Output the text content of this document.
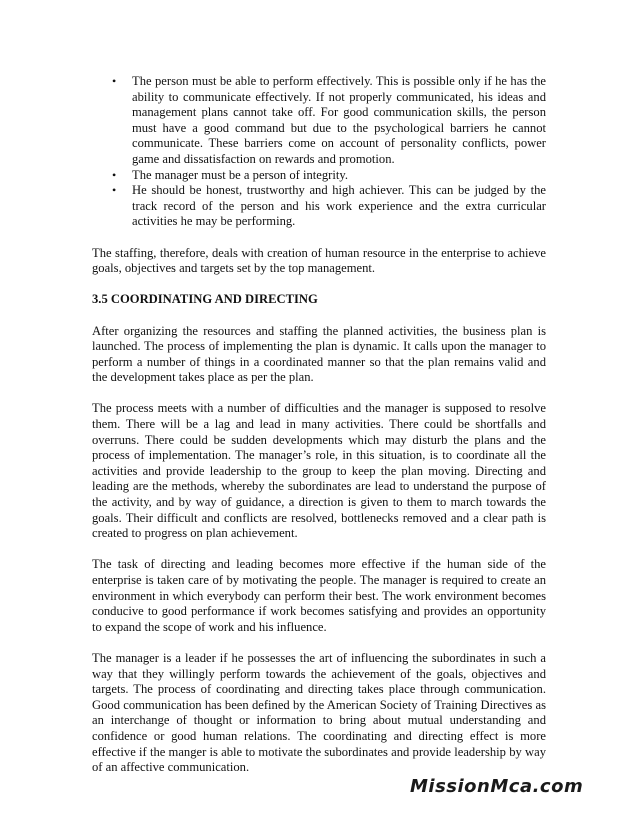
• The person must be able to perform effectively. This is possible only if he has the ability to communicate effectively. If not properly communicated, his ideas and management plans cannot take off. For good communication skills, the person must have a good command but due to the psychological barriers he cannot communicate. These barriers come on account of personality conflicts, power game and dissatisfaction on rewards and promotion.
• The manager must be a person of integrity.
• He should be honest, trustworthy and high achiever. This can be judged by the track record of the person and his work experience and the extra curricular activities he may be performing.

The staffing, therefore, deals with creation of human resource in the enterprise to achieve goals, objectives and targets set by the top management.

3.5 COORDINATING AND DIRECTING

After organizing the resources and staffing the planned activities, the business plan is launched. The process of implementing the plan is dynamic. It calls upon the manager to perform a number of things in a coordinated manner so that the plan remains valid and the development takes place as per the plan.

The process meets with a number of difficulties and the manager is supposed to resolve them. There will be a lag and lead in many activities. There could be shortfalls and overruns. There could be sudden developments which may disturb the plans and the process of implementation. The manager’s role, in this situation, is to coordinate all the activities and provide leadership to the group to keep the plan moving. Directing and leading are the methods, whereby the subordinates are lead to understand the purpose of the activity, and by way of guidance, a direction is given to them to march towards the goals. Their difficult and conflicts are resolved, bottlenecks removed and a clear path is created to progress on plan achievement.

The task of directing and leading becomes more effective if the human side of the enterprise is taken care of by motivating the people. The manager is required to create an environment in which everybody can perform their best. The work environment becomes conducive to good performance if work becomes satisfying and provides an opportunity to expand the scope of work and his influence.

The manager is a leader if he possesses the art of influencing the subordinates in such a way that they willingly perform towards the achievement of the goals, objectives and targets. The process of coordinating and directing takes place through communication. Good communication has been defined by the American Society of Training Directives as an interchange of thought or information to bring about mutual understanding and confidence or good human relations. The coordinating and directing effect is more effective if the manger is able to motivate the subordinates and provide leadership by way of an affective communication.

MissionMca.com
